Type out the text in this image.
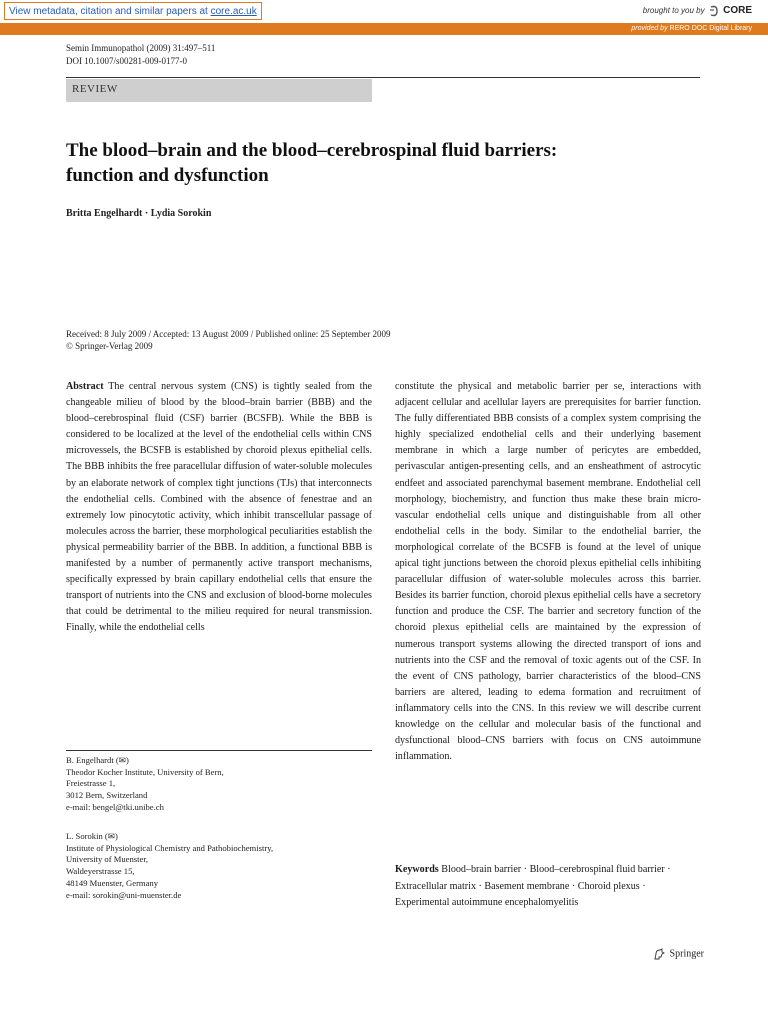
View metadata, citation and similar papers at core.ac.uk	brought to you by CORE
provided by RERO DOC Digital Library
Semin Immunopathol (2009) 31:497–511
DOI 10.1007/s00281-009-0177-0
REVIEW
The blood–brain and the blood–cerebrospinal fluid barriers: function and dysfunction
Britta Engelhardt · Lydia Sorokin
Received: 8 July 2009 / Accepted: 13 August 2009 / Published online: 25 September 2009
© Springer-Verlag 2009
Abstract The central nervous system (CNS) is tightly sealed from the changeable milieu of blood by the blood–brain barrier (BBB) and the blood–cerebrospinal fluid (CSF) barrier (BCSFB). While the BBB is considered to be localized at the level of the endothelial cells within CNS microvessels, the BCSFB is established by choroid plexus epithelial cells. The BBB inhibits the free paracellular diffusion of water-soluble molecules by an elaborate network of complex tight junctions (TJs) that interconnects the endothelial cells. Combined with the absence of fenestrae and an extremely low pinocytotic activity, which inhibit transcellular passage of molecules across the barrier, these morphological peculiarities establish the physical permeability barrier of the BBB. In addition, a functional BBB is manifested by a number of permanently active transport mechanisms, specifically expressed by brain capillary endothelial cells that ensure the transport of nutrients into the CNS and exclusion of blood-borne molecules that could be detrimental to the milieu required for neural transmission. Finally, while the endothelial cells
constitute the physical and metabolic barrier per se, interactions with adjacent cellular and acellular layers are prerequisites for barrier function. The fully differentiated BBB consists of a complex system comprising the highly specialized endothelial cells and their underlying basement membrane in which a large number of pericytes are embedded, perivascular antigen-presenting cells, and an ensheathment of astrocytic endfeet and associated parenchymal basement membrane. Endothelial cell morphology, biochemistry, and function thus make these brain microvascular endothelial cells unique and distinguishable from all other endothelial cells in the body. Similar to the endothelial barrier, the morphological correlate of the BCSFB is found at the level of unique apical tight junctions between the choroid plexus epithelial cells inhibiting paracellular diffusion of water-soluble molecules across this barrier. Besides its barrier function, choroid plexus epithelial cells have a secretory function and produce the CSF. The barrier and secretory function of the choroid plexus epithelial cells are maintained by the expression of numerous transport systems allowing the directed transport of ions and nutrients into the CSF and the removal of toxic agents out of the CSF. In the event of CNS pathology, barrier characteristics of the blood–CNS barriers are altered, leading to edema formation and recruitment of inflammatory cells into the CNS. In this review we will describe current knowledge on the cellular and molecular basis of the functional and dysfunctional blood–CNS barriers with focus on CNS autoimmune inflammation.
B. Engelhardt (✉)
Theodor Kocher Institute, University of Bern,
Freiestrasse 1,
3012 Bern, Switzerland
e-mail: bengel@tki.unibe.ch
L. Sorokin (✉)
Institute of Physiological Chemistry and Pathobiochemistry,
University of Muenster,
Waldeyerstrasse 15,
48149 Muenster, Germany
e-mail: sorokin@uni-muenster.de
Keywords Blood–brain barrier · Blood–cerebrospinal fluid barrier · Extracellular matrix · Basement membrane · Choroid plexus · Experimental autoimmune encephalomyelitis
Springer
